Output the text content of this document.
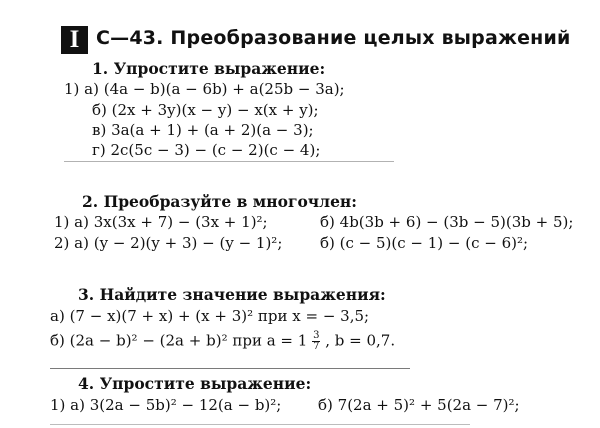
I С—43. Преобразование целых выражений
1. Упростите выражение:
1) а) (4a − b)(a − 6b) + a(25b − 3a);
б) (2x + 3y)(x − y) − x(x + y);
в) 3a(a + 1) + (a + 2)(a − 3);
г) 2c(5c − 3) − (c − 2)(c − 4);

2. Преобразуйте в многочлен:
1) а) 3x(3x + 7) − (3x + 1)²;	б) 4b(3b + 6) − (3b − 5)(3b + 5);
2) а) (y − 2)(y + 3) − (y − 1)²;	б) (c − 5)(c − 1) − (c − 6)²;
3. Найдите значение выражения:
а) (7 − x)(7 + x) + (x + 3)² при x = − 3,5;
б) (2a − b)² − (2a + b)² при $a = 1 \frac{3}{7}$ , b = 0,7.
4. Упростите выражение:
1) а) 3(2a − 5b)² − 12(a − b)²; б) 7(2a + 5)² + 5(2a − 7)²;
